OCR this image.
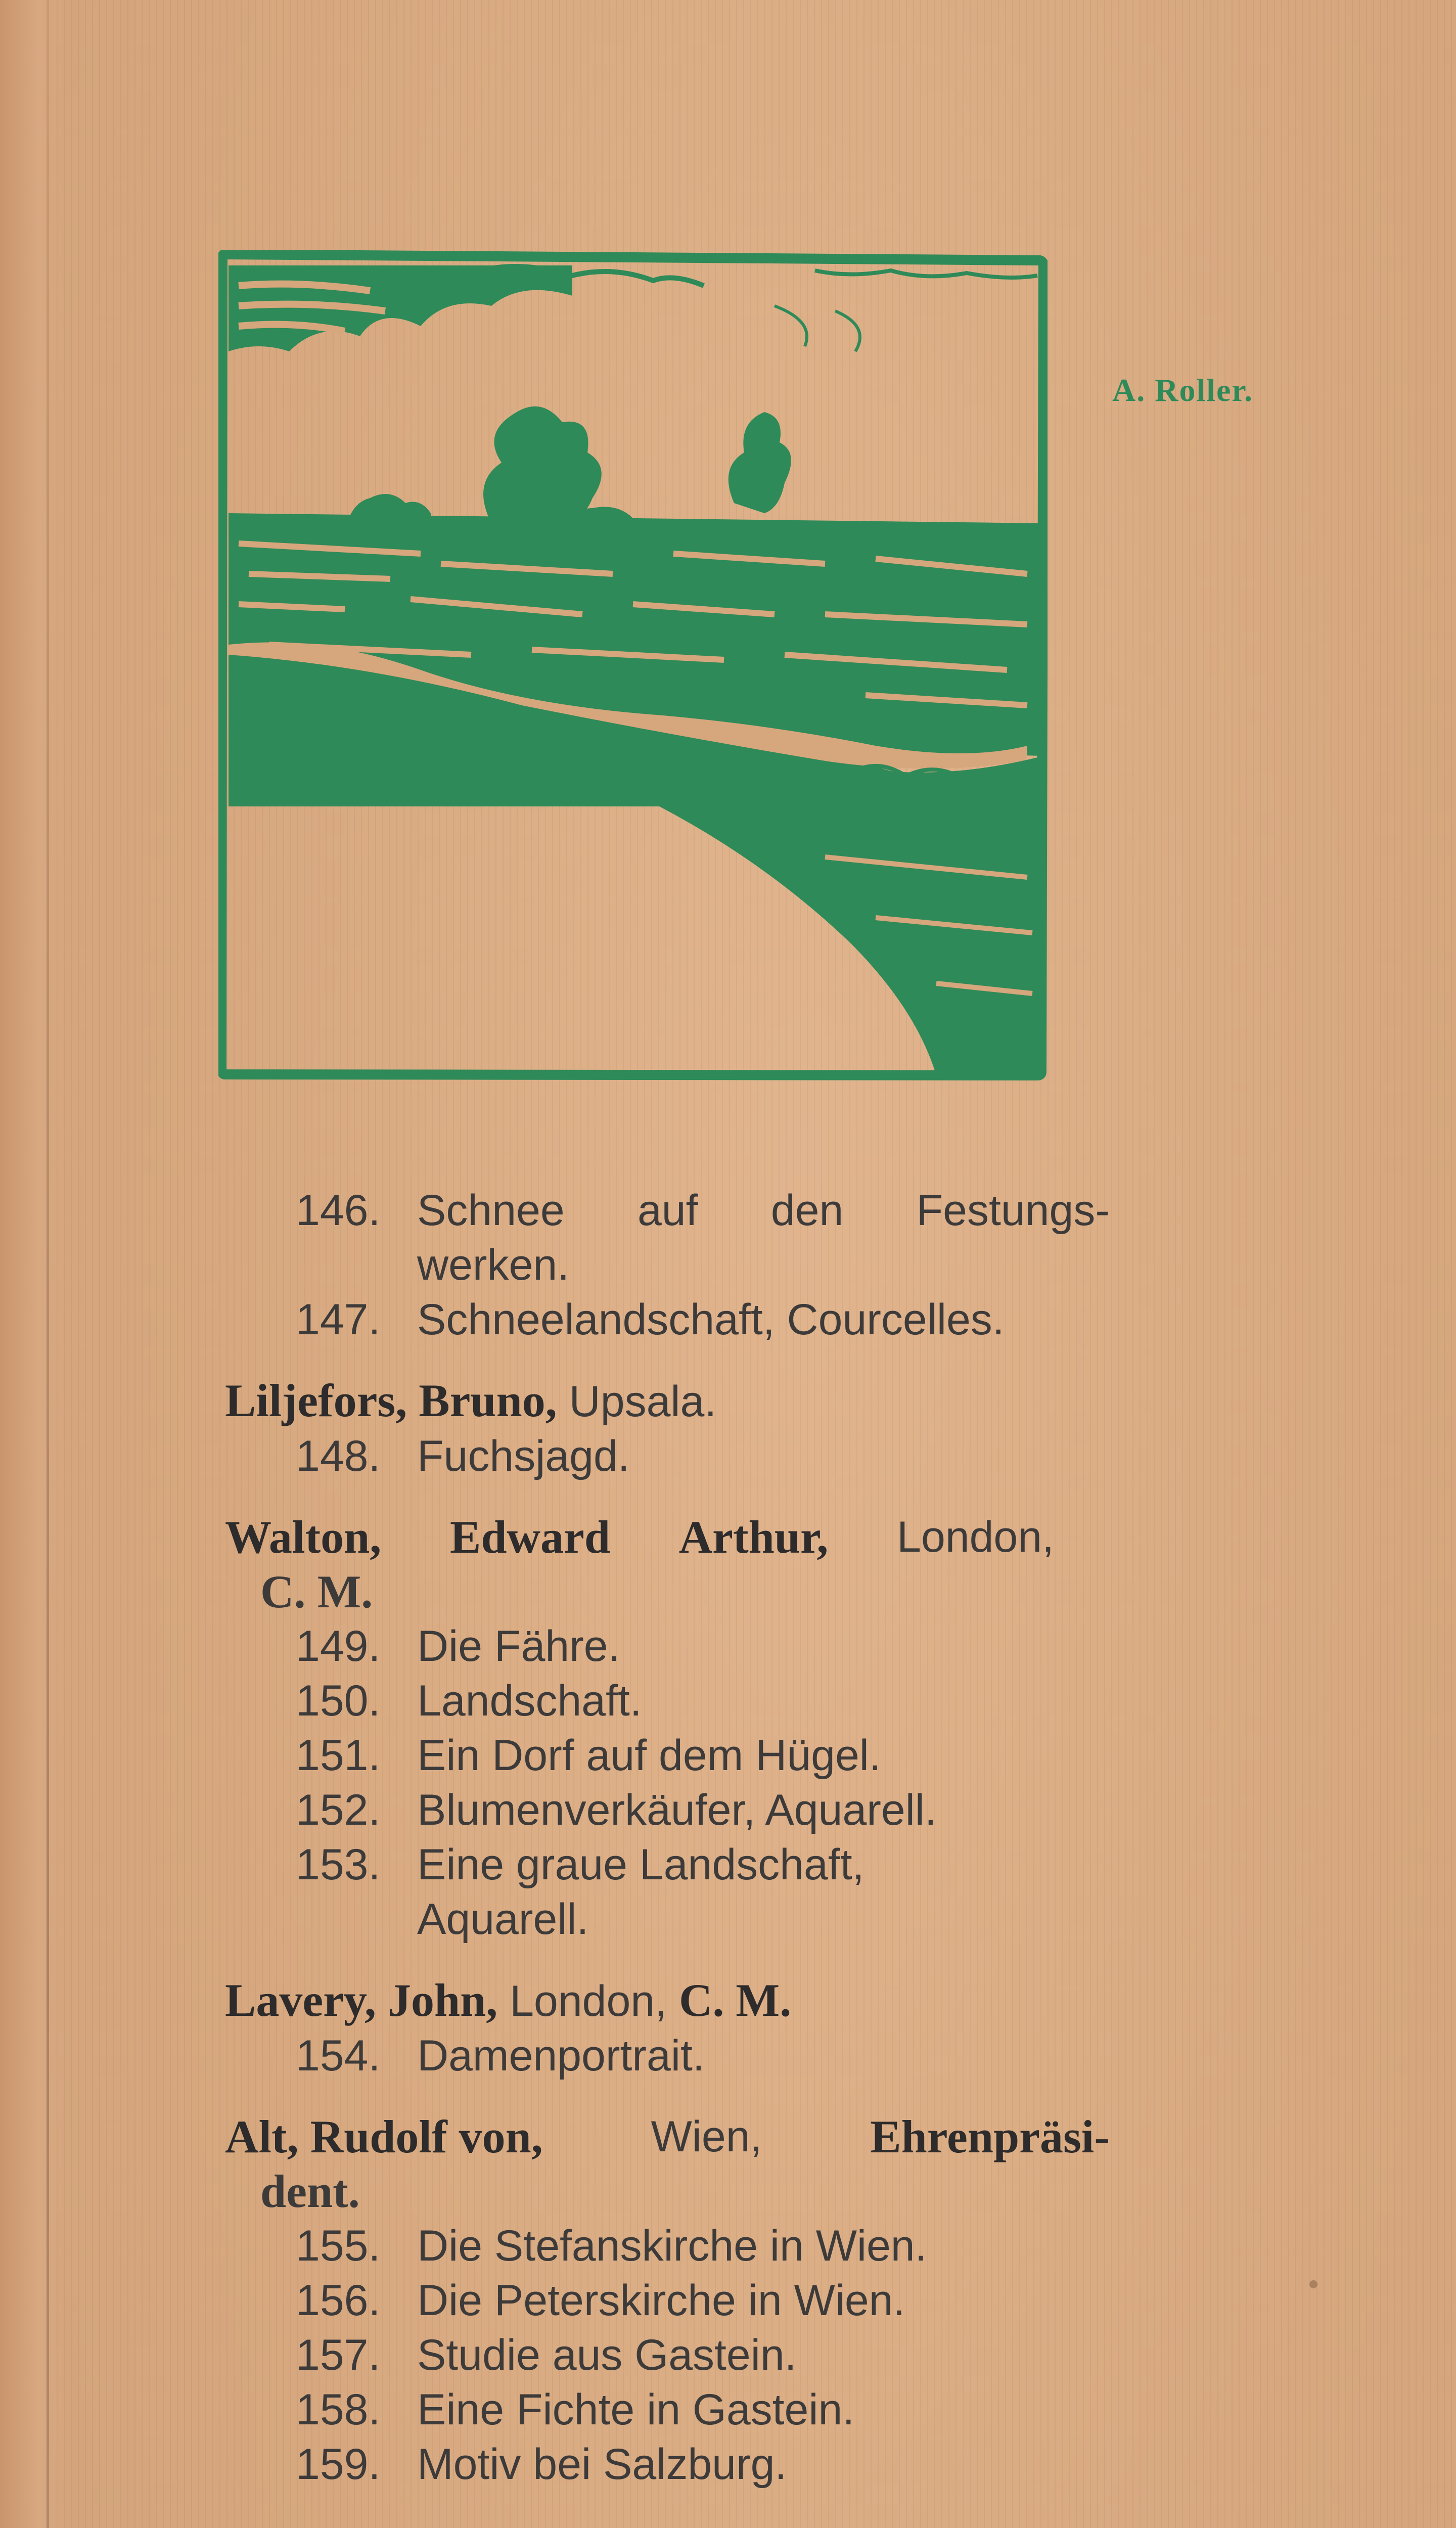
A. Roller.
146. Schnee auf den Festungs-
werken.
147. Schneelandschaft, Courcelles.
Liljefors, Bruno, Upsala.
148. Fuchsjagd.
Walton, Edward Arthur, London,
C. M.
149. Die Fähre.
150. Landschaft.
151. Ein Dorf auf dem Hügel.
152. Blumenverkäufer, Aquarell.
153. Eine graue Landschaft,
Aquarell.
Lavery, John, London, C. M.
154. Damenportrait.
Alt, Rudolf von, Wien, Ehrenpräsi-
dent.
155. Die Stefanskirche in Wien.
156. Die Peterskirche in Wien.
157. Studie aus Gastein.
158. Eine Fichte in Gastein.
159. Motiv bei Salzburg.
